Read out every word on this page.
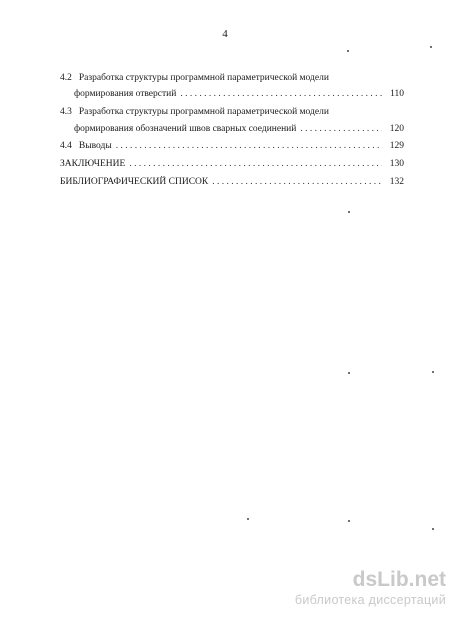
4
4.2 Разработка структуры программной параметрической модели
формирования отверстий . . .	110
4.3 Разработка структуры программной параметрической модели
формирования обозначений швов сварных соединений . . .	120
4.4 Выводы . . .	129
ЗАКЛЮЧЕНИЕ . . .	130
БИБЛИОГРАФИЧЕСКИЙ СПИСОК . . .	132
dsLib.net
библиотека диссертаций
